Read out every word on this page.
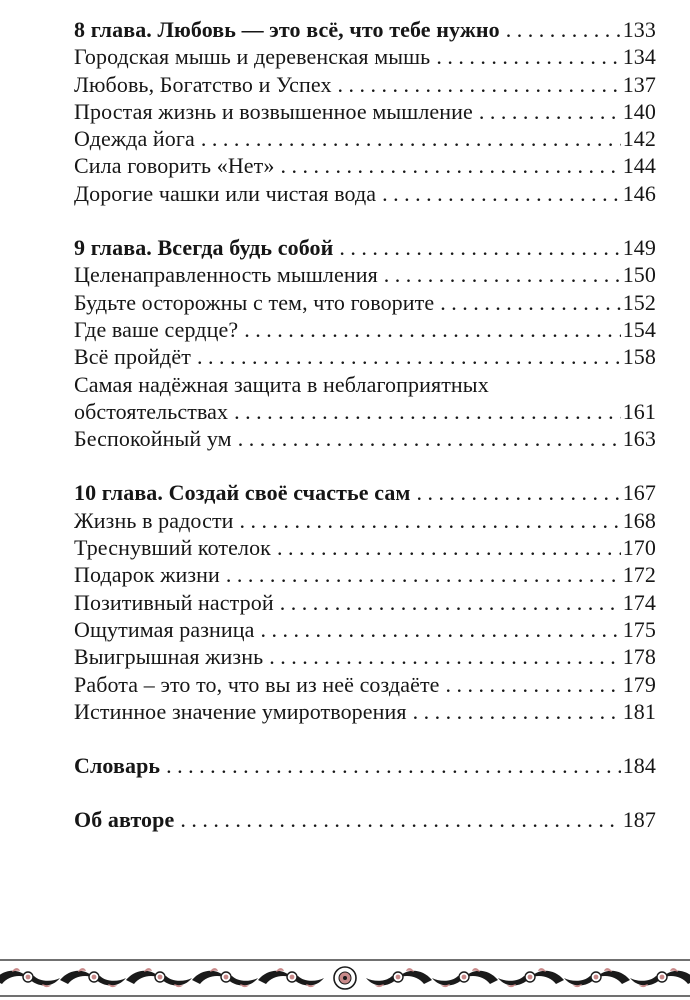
8 глава. Любовь — это всё, что тебе нужно . . .	133
Городская мышь и деревенская мышь . . .	134
Любовь, Богатство и Успех . . .	137
Простая жизнь и возвышенное мышление . . .	140
Одежда йога . . .	142
Сила говорить «Нет» . . .	144
Дорогие чашки или чистая вода . . .	146
9 глава. Всегда будь собой . . .	149
Целенаправленность мышления . . .	150
Будьте осторожны с тем, что говорите . . .	152
Где ваше сердце? . . .	154
Всё пройдёт . . .	158
Самая надёжная защита в неблагоприятных
обстоятельствах . . .	161
Беспокойный ум . . .	163
10 глава. Создай своё счастье сам . . .	167
Жизнь в радости . . .	168
Треснувший котелок . . .	170
Подарок жизни . . .	172
Позитивный настрой . . .	174
Ощутимая разница . . .	175
Выигрышная жизнь . . .	178
Работа – это то, что вы из неё создаёте . . .	179
Истинное значение умиротворения . . .	181
Словарь . . .	184
Об авторе . . .	187
